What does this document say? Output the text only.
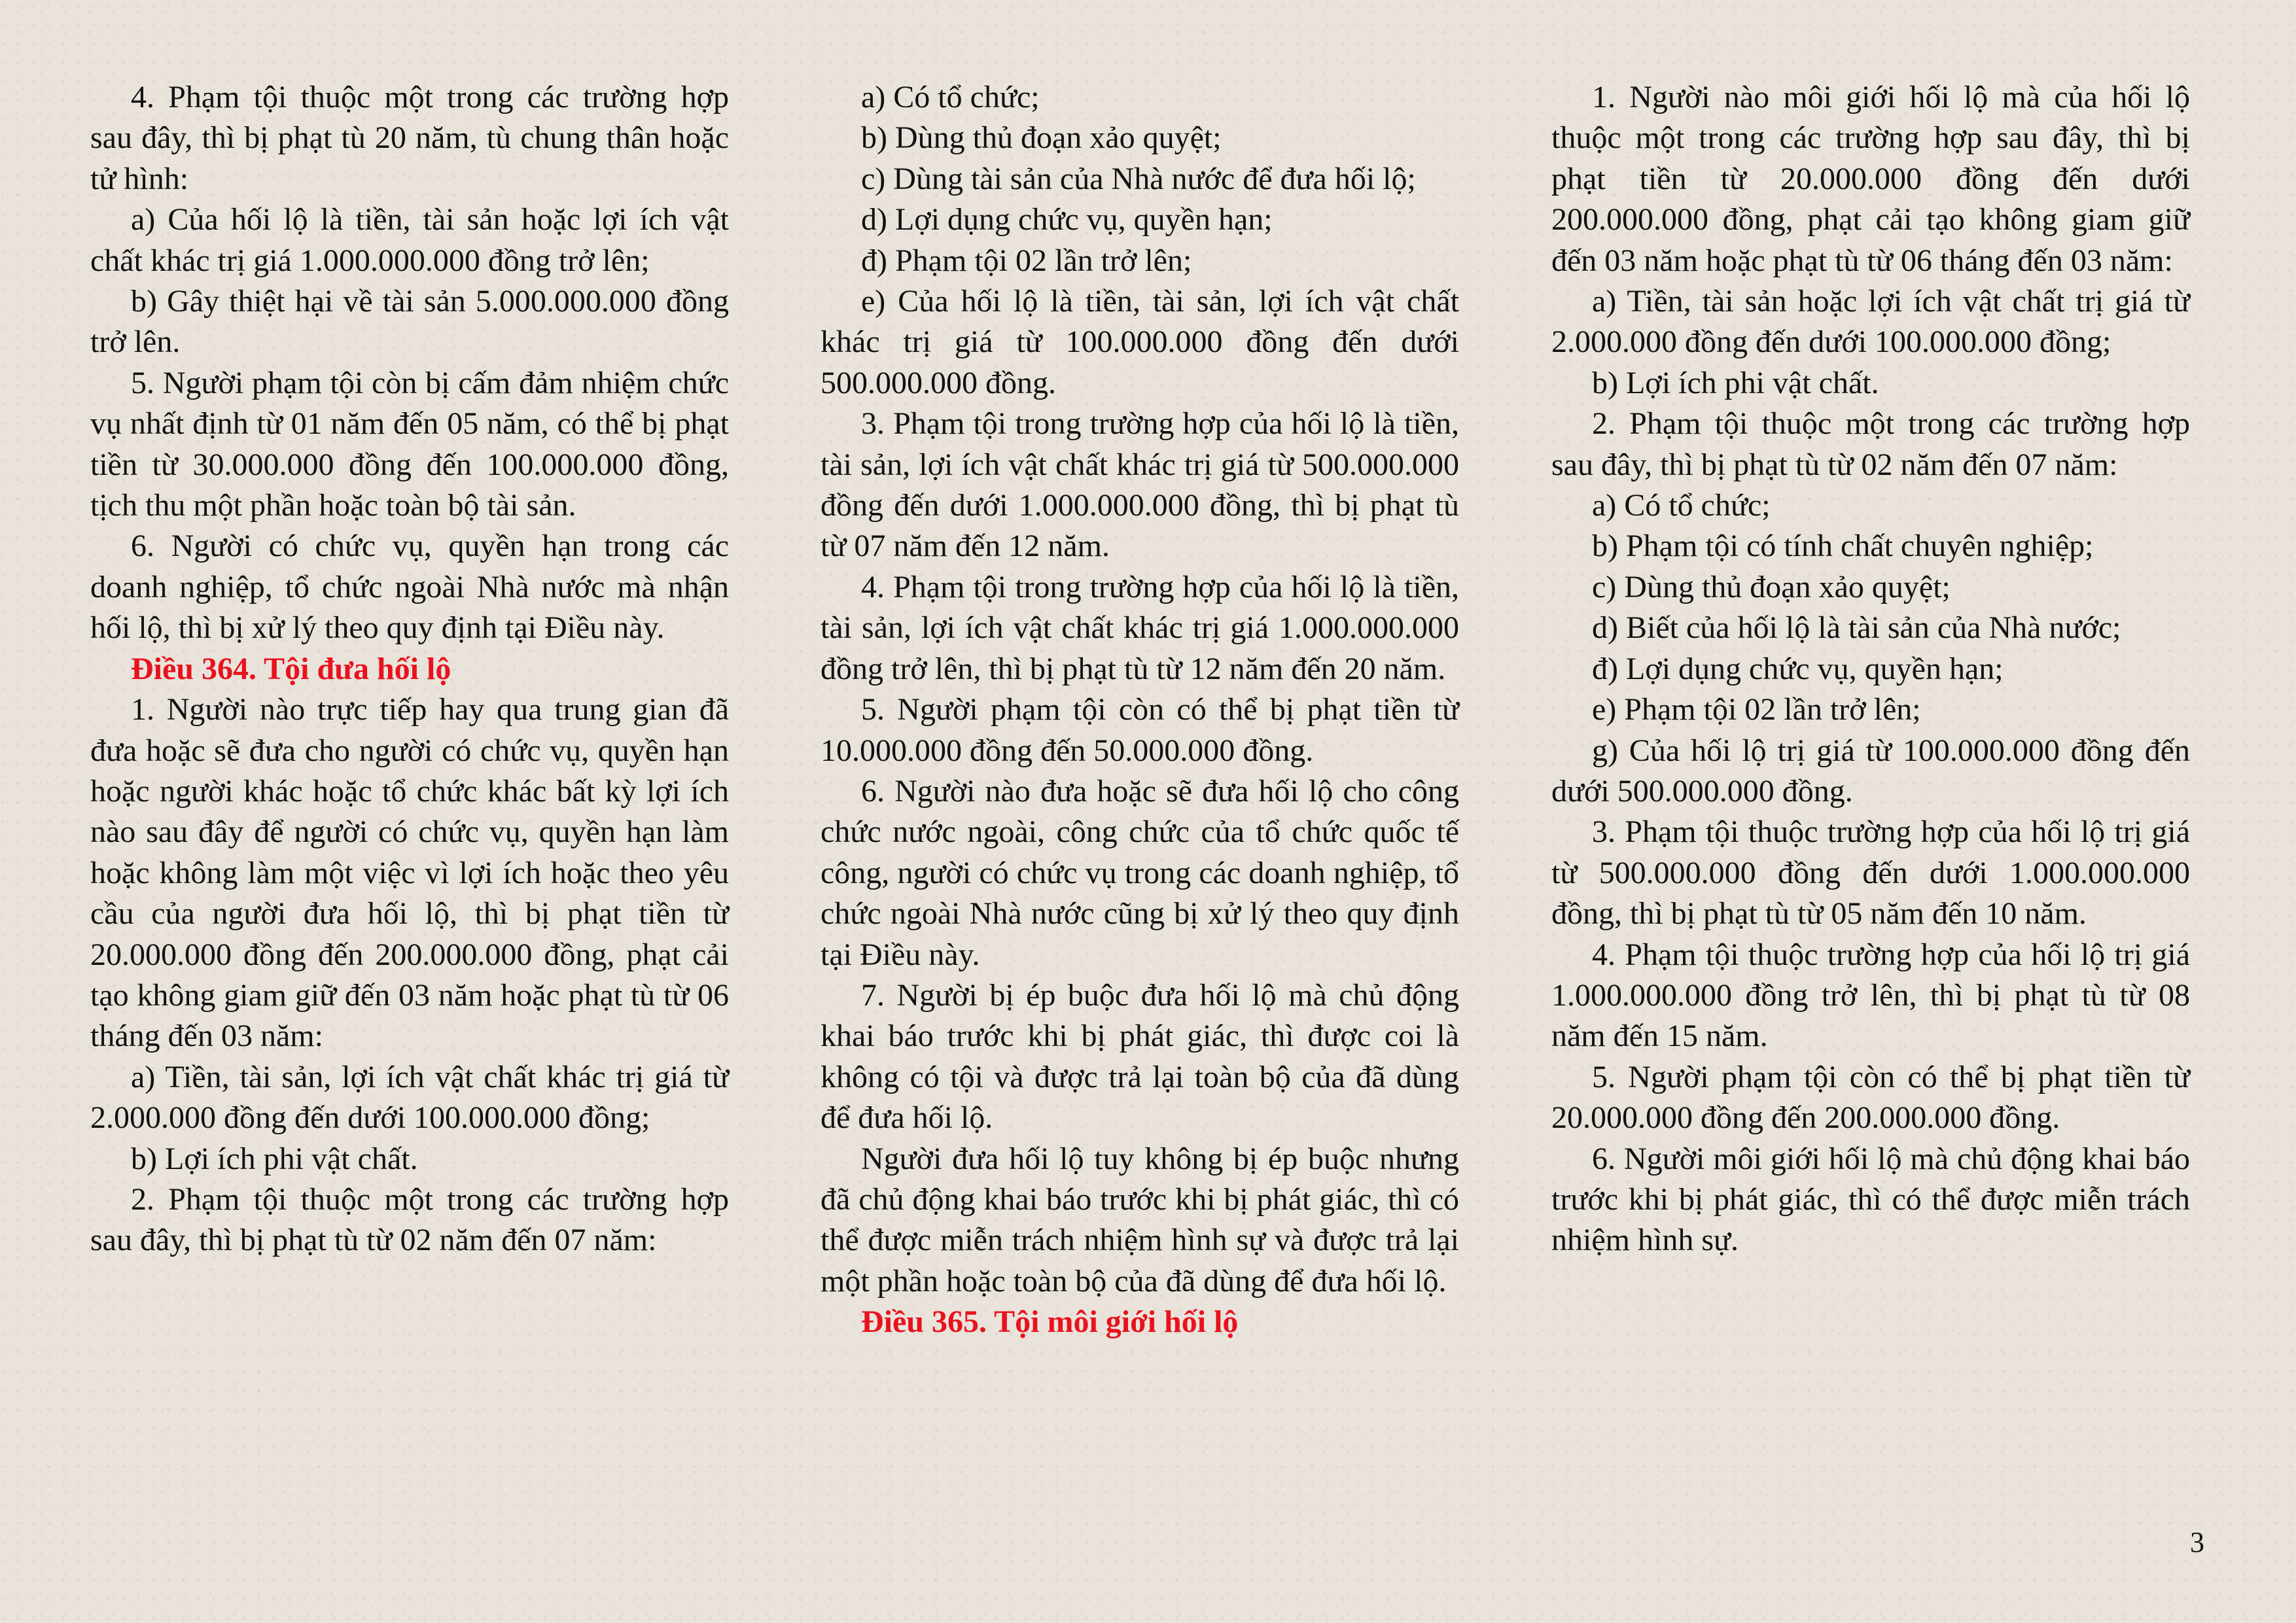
4. Phạm tội thuộc một trong các trường hợp sau đây, thì bị phạt tù 20 năm, tù chung thân hoặc tử hình:

a) Của hối lộ là tiền, tài sản hoặc lợi ích vật chất khác trị giá 1.000.000.000 đồng trở lên;

b) Gây thiệt hại về tài sản 5.000.000.000 đồng trở lên.

5. Người phạm tội còn bị cấm đảm nhiệm chức vụ nhất định từ 01 năm đến 05 năm, có thể bị phạt tiền từ 30.000.000 đồng đến 100.000.000 đồng, tịch thu một phần hoặc toàn bộ tài sản.

6. Người có chức vụ, quyền hạn trong các doanh nghiệp, tổ chức ngoài Nhà nước mà nhận hối lộ, thì bị xử lý theo quy định tại Điều này.

Điều 364. Tội đưa hối lộ

1. Người nào trực tiếp hay qua trung gian đã đưa hoặc sẽ đưa cho người có chức vụ, quyền hạn hoặc người khác hoặc tổ chức khác bất kỳ lợi ích nào sau đây để người có chức vụ, quyền hạn làm hoặc không làm một việc vì lợi ích hoặc theo yêu cầu của người đưa hối lộ, thì bị phạt tiền từ 20.000.000 đồng đến 200.000.000 đồng, phạt cải tạo không giam giữ đến 03 năm hoặc phạt tù từ 06 tháng đến 03 năm:

a) Tiền, tài sản, lợi ích vật chất khác trị giá từ 2.000.000 đồng đến dưới 100.000.000 đồng;

b) Lợi ích phi vật chất.

2. Phạm tội thuộc một trong các trường hợp sau đây, thì bị phạt tù từ 02 năm đến 07 năm:

a) Có tổ chức;

b) Dùng thủ đoạn xảo quyệt;

c) Dùng tài sản của Nhà nước để đưa hối lộ;

d) Lợi dụng chức vụ, quyền hạn;

đ) Phạm tội 02 lần trở lên;

e) Của hối lộ là tiền, tài sản, lợi ích vật chất khác trị giá từ 100.000.000 đồng đến dưới 500.000.000 đồng.

3. Phạm tội trong trường hợp của hối lộ là tiền, tài sản, lợi ích vật chất khác trị giá từ 500.000.000 đồng đến dưới 1.000.000.000 đồng, thì bị phạt tù từ 07 năm đến 12 năm.

4. Phạm tội trong trường hợp của hối lộ là tiền, tài sản, lợi ích vật chất khác trị giá 1.000.000.000 đồng trở lên, thì bị phạt tù từ 12 năm đến 20 năm.

5. Người phạm tội còn có thể bị phạt tiền từ 10.000.000 đồng đến 50.000.000 đồng.

6. Người nào đưa hoặc sẽ đưa hối lộ cho công chức nước ngoài, công chức của tổ chức quốc tế công, người có chức vụ trong các doanh nghiệp, tổ chức ngoài Nhà nước cũng bị xử lý theo quy định tại Điều này.

7. Người bị ép buộc đưa hối lộ mà chủ động khai báo trước khi bị phát giác, thì được coi là không có tội và được trả lại toàn bộ của đã dùng để đưa hối lộ.

Người đưa hối lộ tuy không bị ép buộc nhưng đã chủ động khai báo trước khi bị phát giác, thì có thể được miễn trách nhiệm hình sự và được trả lại một phần hoặc toàn bộ của đã dùng để đưa hối lộ.

Điều 365. Tội môi giới hối lộ

1. Người nào môi giới hối lộ mà của hối lộ thuộc một trong các trường hợp sau đây, thì bị phạt tiền từ 20.000.000 đồng đến dưới 200.000.000 đồng, phạt cải tạo không giam giữ đến 03 năm hoặc phạt tù từ 06 tháng đến 03 năm:

a) Tiền, tài sản hoặc lợi ích vật chất trị giá từ 2.000.000 đồng đến dưới 100.000.000 đồng;

b) Lợi ích phi vật chất.

2. Phạm tội thuộc một trong các trường hợp sau đây, thì bị phạt tù từ 02 năm đến 07 năm:

a) Có tổ chức;

b) Phạm tội có tính chất chuyên nghiệp;

c) Dùng thủ đoạn xảo quyệt;

d) Biết của hối lộ là tài sản của Nhà nước;

đ) Lợi dụng chức vụ, quyền hạn;

e) Phạm tội 02 lần trở lên;

g) Của hối lộ trị giá từ 100.000.000 đồng đến dưới 500.000.000 đồng.

3. Phạm tội thuộc trường hợp của hối lộ trị giá từ 500.000.000 đồng đến dưới 1.000.000.000 đồng, thì bị phạt tù từ 05 năm đến 10 năm.

4. Phạm tội thuộc trường hợp của hối lộ trị giá 1.000.000.000 đồng trở lên, thì bị phạt tù từ 08 năm đến 15 năm.

5. Người phạm tội còn có thể bị phạt tiền từ 20.000.000 đồng đến 200.000.000 đồng.

6. Người môi giới hối lộ mà chủ động khai báo trước khi bị phát giác, thì có thể được miễn trách nhiệm hình sự.

3
